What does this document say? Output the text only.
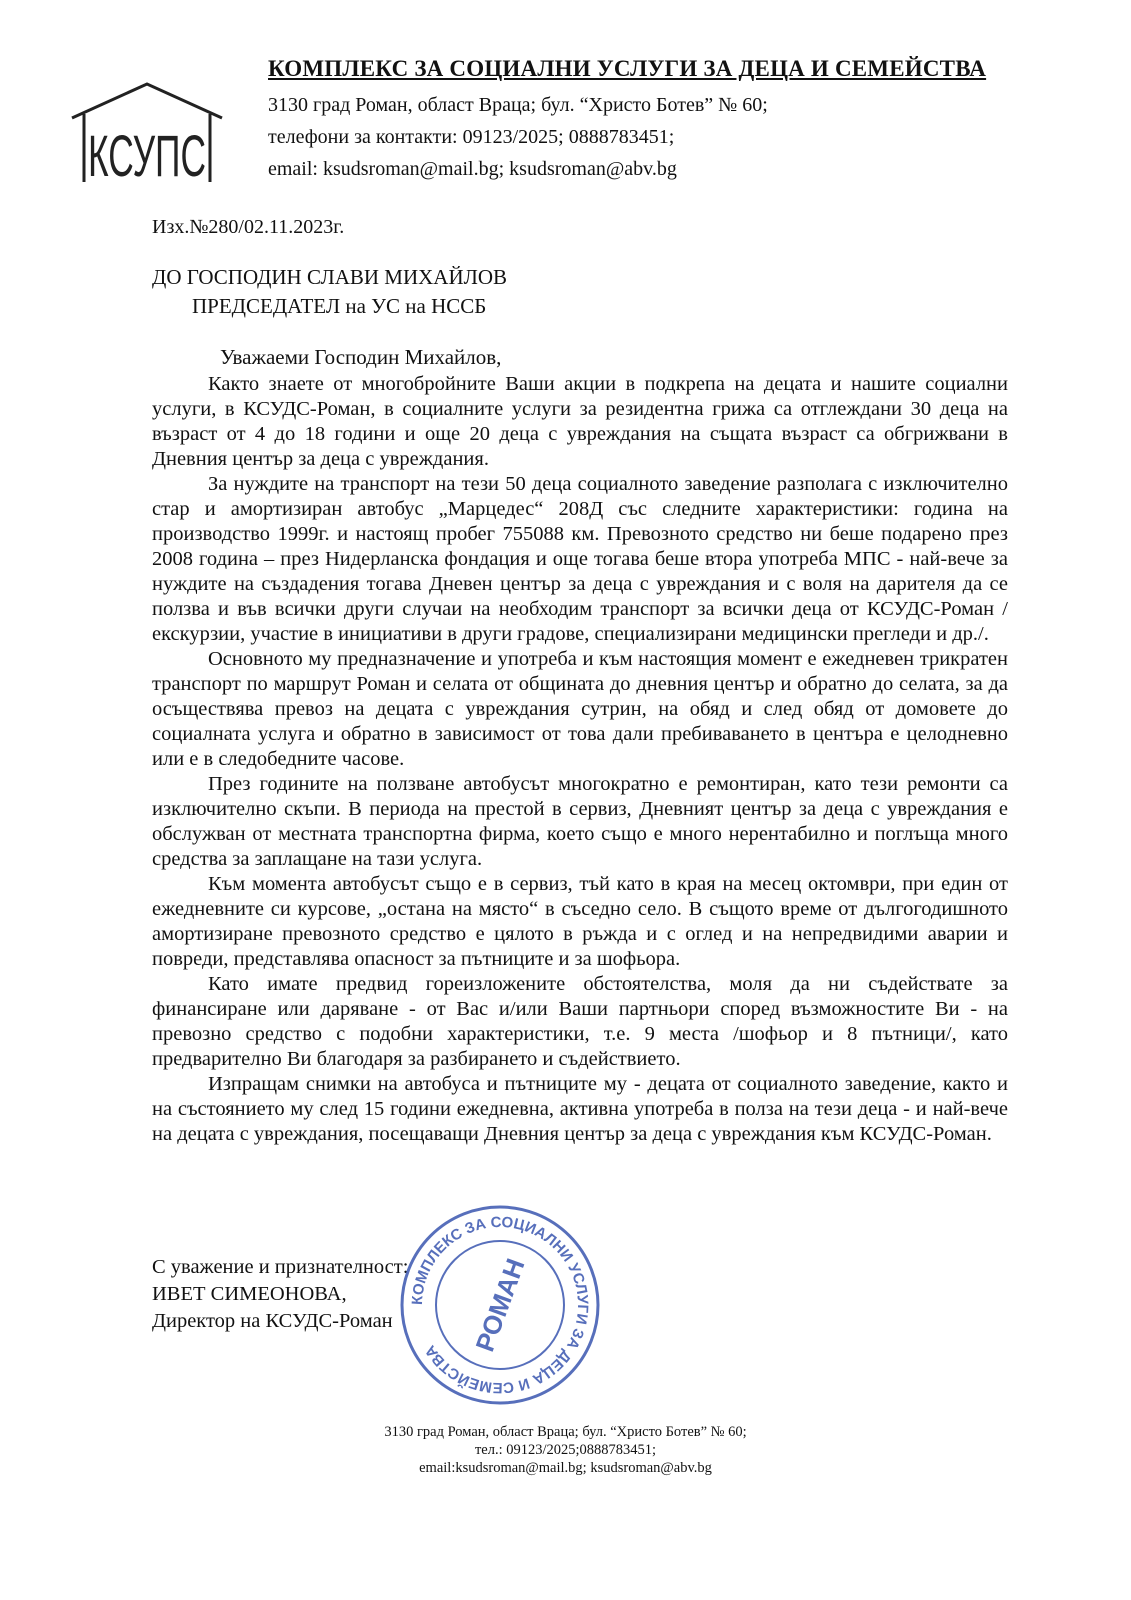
КСУПС
КОМПЛЕКС ЗА СОЦИАЛНИ УСЛУГИ ЗА ДЕЦА И СЕМЕЙСТВА
3130 град Роман, област Враца; бул. “Христо Ботев” № 60;
телефони за контакти: 09123/2025; 0888783451;
email: ksudsroman@mail.bg; ksudsroman@abv.bg
Изх.№280/02.11.2023г.
ДО ГОСПОДИН СЛАВИ МИХАЙЛОВ
ПРЕДСЕДАТЕЛ на УС на НССБ
Уважаеми Господин Михайлов,

Както знаете от многобройните Ваши акции в подкрепа на децата и нашите социални услуги, в КСУДС-Роман, в социалните услуги за резидентна грижа са отглеждани 30 деца на възраст от 4 до 18 години и още 20 деца с увреждания на същата възраст са обгрижвани в Дневния център за деца с увреждания.

За нуждите на транспорт на тези 50 деца социалното заведение разполага с изключително стар и амортизиран автобус „Марцедес“ 208Д със следните характеристики: година на производство 1999г. и настоящ пробег 755088 км. Превозното средство ни беше подарено през 2008 година – през Нидерланска фондация и още тогава беше втора употреба МПС - най-вече за нуждите на създадения тогава Дневен център за деца с увреждания и с воля на дарителя да се ползва и във всички други случаи на необходим транспорт за всички деца от КСУДС-Роман /екскурзии, участие в инициативи в други градове, специализирани медицински прегледи и др./.

Основното му предназначение и употреба и към настоящия момент е ежедневен трикратен транспорт по маршрут Роман и селата от общината до дневния център и обратно до селата, за да осъществява превоз на децата с увреждания сутрин, на обяд и след обяд от домовете до социалната услуга и обратно в зависимост от това дали пребиваването в центъра е целодневно или е в следобедните часове.

През годините на ползване автобусът многократно е ремонтиран, като тези ремонти са изключително скъпи. В периода на престой в сервиз, Дневният център за деца с увреждания е обслужван от местната транспортна фирма, което също е много нерентабилно и поглъща много средства за заплащане на тази услуга.

Към момента автобусът също е в сервиз, тъй като в края на месец октомври, при един от ежедневните си курсове, „остана на място“ в съседно село. В същото време от дългогодишното амортизиране превозното средство е цялото в ръжда и с оглед и на непредвидими аварии и повреди, представлява опасност за пътниците и за шофьора.

Като имате предвид гореизложените обстоятелства, моля да ни съдействате за финансиране или даряване - от Вас и/или Ваши партньори според възможностите Ви - на превозно средство с подобни характеристики, т.е. 9 места /шофьор и 8 пътници/, като предварително Ви благодаря за разбирането и съдействието.

Изпращам снимки на автобуса и пътниците му - децата от социалното заведение, както и на състоянието му след 15 години ежедневна, активна употреба в полза на тези деца - и най-вече на децата с увреждания, посещаващи Дневния център за деца с увреждания към КСУДС-Роман.

С уважение и признателност:
ИВЕТ СИМЕОНОВА,
Директор на КСУДС-Роман
КОМПЛЕКС ЗА СОЦИАЛНИ УСЛУГИ ЗА ДЕЦА И СЕМЕЙСТВА	РОМАН
3130 град Роман, област Враца; бул. “Христо Ботев” № 60;
тел.: 09123/2025;0888783451;
email:ksudsroman@mail.bg; ksudsroman@abv.bg
